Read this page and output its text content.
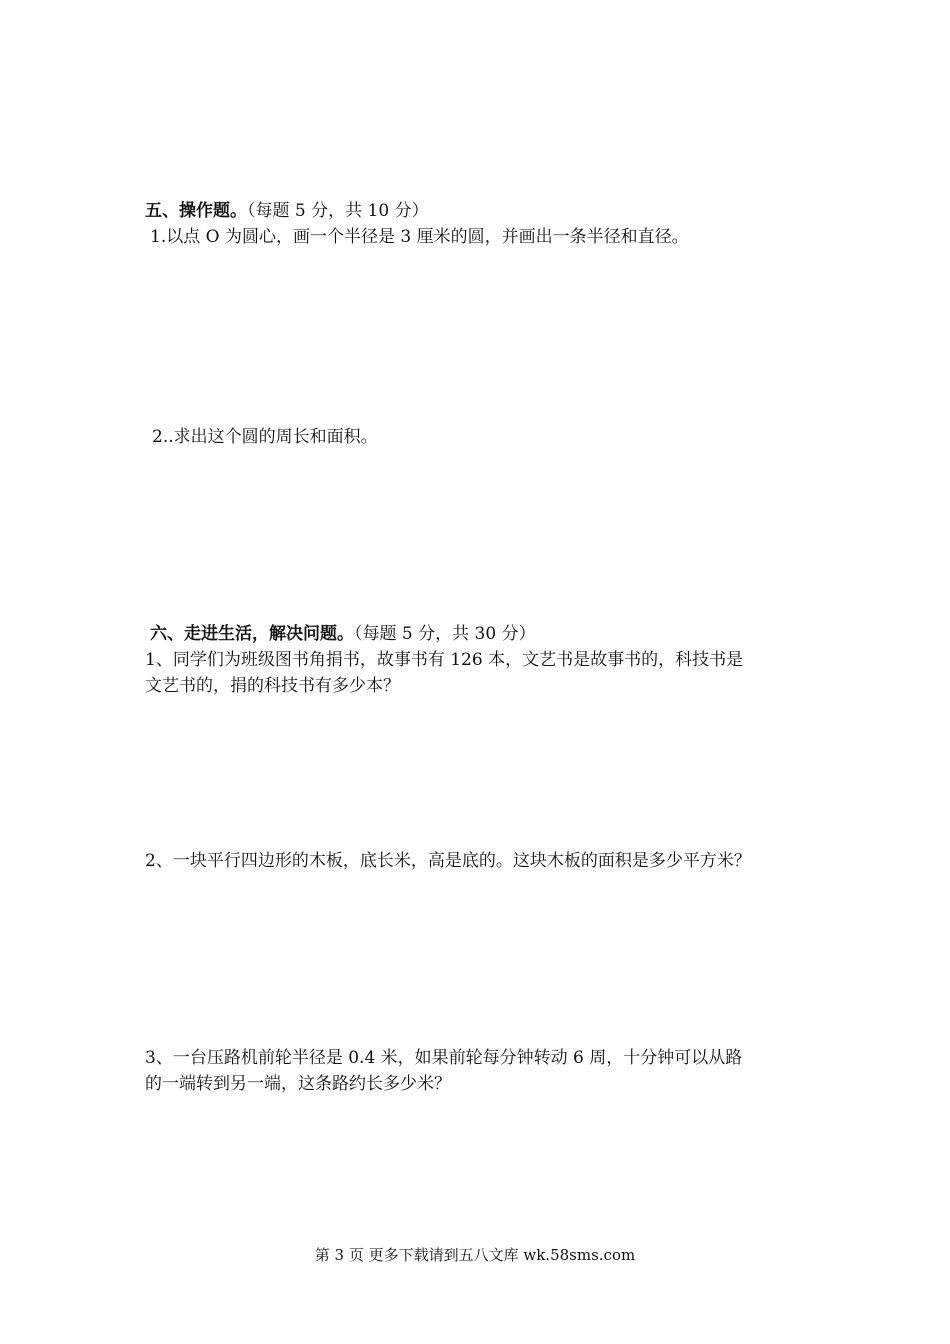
五、操作题。（每题 5 分，共 10 分）
1.以点 O 为圆心，画一个半径是 3 厘米的圆，并画出一条半径和直径。
2..求出这个圆的周长和面积。
六、走进生活，解决问题。（每题 5 分，共 30 分）
1、同学们为班级图书角捐书，故事书有 126 本，文艺书是故事书的，科技书是
文艺书的，捐的科技书有多少本？
2、一块平行四边形的木板，底长米，高是底的。这块木板的面积是多少平方米？
3、一台压路机前轮半径是 0.4 米，如果前轮每分钟转动 6 周，十分钟可以从路
的一端转到另一端，这条路约长多少米？
第 3 页 更多下载请到五八文库 wk.58sms.com
